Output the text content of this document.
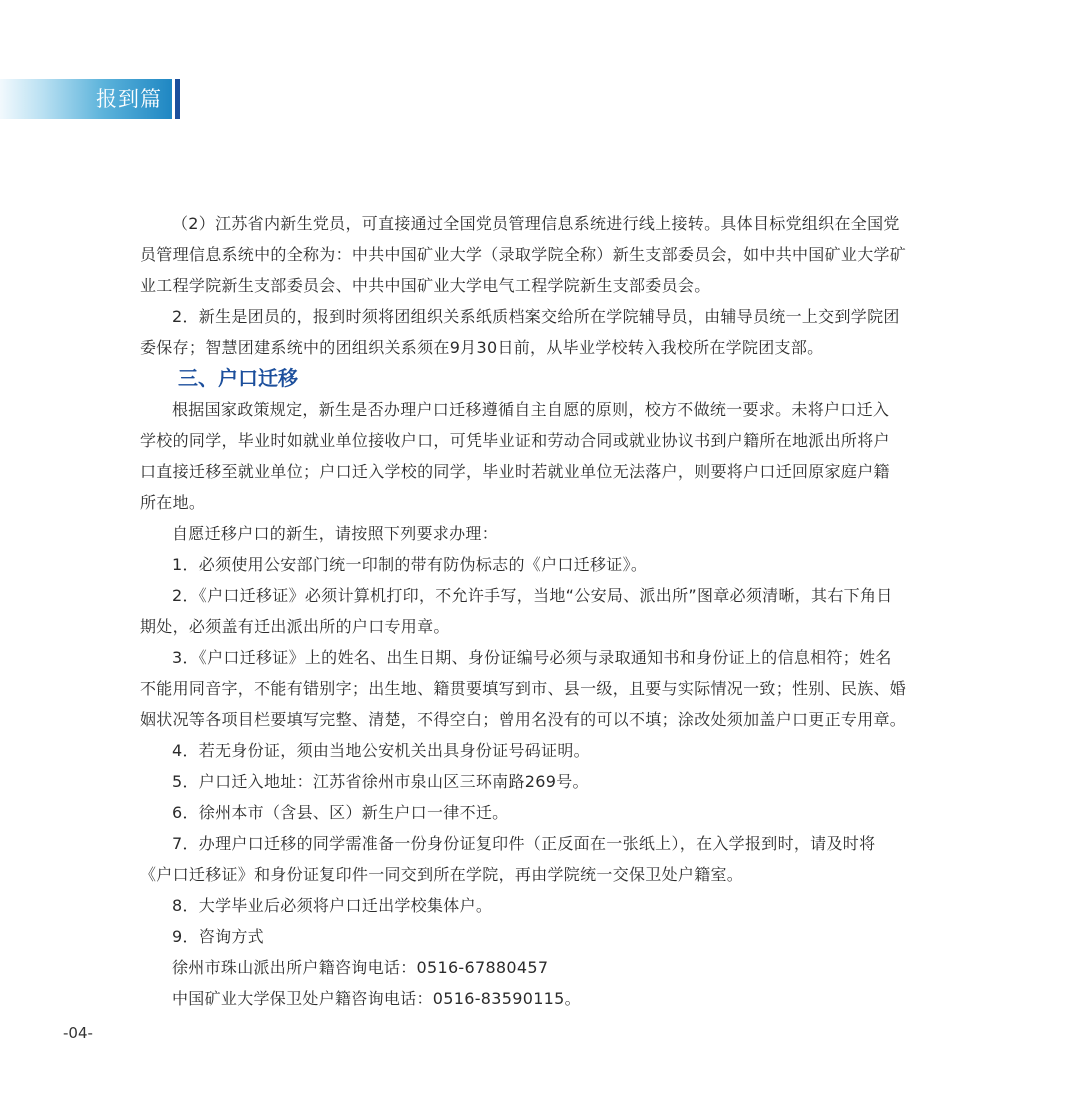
报到篇
（2）江苏省内新生党员，可直接通过全国党员管理信息系统进行线上接转。具体目标党组织在全国党
员管理信息系统中的全称为：中共中国矿业大学（录取学院全称）新生支部委员会，如中共中国矿业大学矿
业工程学院新生支部委员会、中共中国矿业大学电气工程学院新生支部委员会。
2．新生是团员的，报到时须将团组织关系纸质档案交给所在学院辅导员，由辅导员统一上交到学院团
委保存；智慧团建系统中的团组织关系须在9月30日前，从毕业学校转入我校所在学院团支部。
三、户口迁移
根据国家政策规定，新生是否办理户口迁移遵循自主自愿的原则，校方不做统一要求。未将户口迁入
学校的同学，毕业时如就业单位接收户口，可凭毕业证和劳动合同或就业协议书到户籍所在地派出所将户
口直接迁移至就业单位；户口迁入学校的同学，毕业时若就业单位无法落户，则要将户口迁回原家庭户籍
所在地。
自愿迁移户口的新生，请按照下列要求办理：
1．必须使用公安部门统一印制的带有防伪标志的《户口迁移证》。
2．《户口迁移证》必须计算机打印，不允许手写，当地“公安局、派出所”图章必须清晰，其右下角日
期处，必须盖有迁出派出所的户口专用章。
3．《户口迁移证》上的姓名、出生日期、身份证编号必须与录取通知书和身份证上的信息相符；姓名
不能用同音字，不能有错别字；出生地、籍贯要填写到市、县一级，且要与实际情况一致；性别、民族、婚
姻状况等各项目栏要填写完整、清楚，不得空白；曾用名没有的可以不填；涂改处须加盖户口更正专用章。
4．若无身份证，须由当地公安机关出具身份证号码证明。
5．户口迁入地址：江苏省徐州市泉山区三环南路269号。
6．徐州本市（含县、区）新生户口一律不迁。
7．办理户口迁移的同学需准备一份身份证复印件（正反面在一张纸上），在入学报到时，请及时将
《户口迁移证》和身份证复印件一同交到所在学院，再由学院统一交保卫处户籍室。
8．大学毕业后必须将户口迁出学校集体户。
9．咨询方式
徐州市珠山派出所户籍咨询电话：0516-67880457
中国矿业大学保卫处户籍咨询电话：0516-83590115。
-04-
